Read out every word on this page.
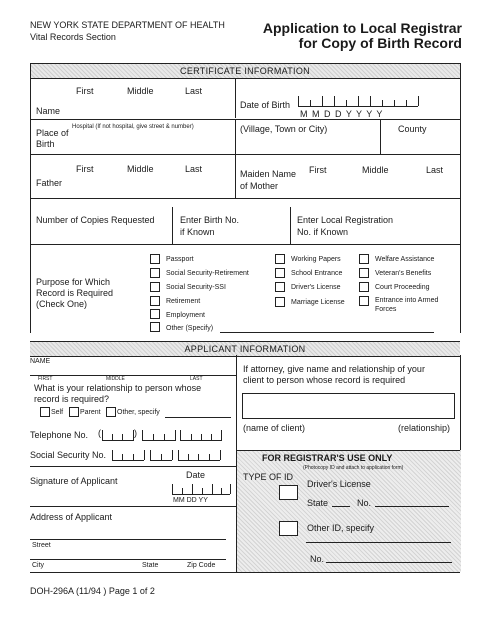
NEW YORK STATE DEPARTMENT OF HEALTH
Vital Records Section
Application to Local Registrar
for Copy of Birth Record
CERTIFICATE INFORMATION
First	Middle	Last
Name
Date of Birth
M M D D Y Y Y Y
Hospital (If not hospital, give street & number)
Place of
Birth
(Village, Town or City)	County
First	Middle	Last
Father
Maiden Name
of Mother
First	Middle	Last
Number of Copies Requested	Enter Birth No.
if Known
Enter Local Registration
No. if Known
Purpose for Which
Record is Required
(Check One)
Passport
Social Security-Retirement
Social Security-SSI
Retirement
Employment
Other (Specify)
Working Papers
School Entrance
Driver's License
Marriage License
Welfare Assistance
Veteran's Benefits
Court Proceeding
Entrance into Armed
Forces
APPLICANT INFORMATION
NAME
FIRST	MIDDLE	LAST
What is your relationship to person whose
record is required?
Self Parent Other, specify
Telephone No. (	)
Social Security No.
Signature of Applicant
Date
MM DD YY
Address of Applicant
Street
City	State	Zip Code
If attorney, give name and relationship of your
client to person whose record is required
(name of client)	(relationship)
FOR REGISTRAR'S USE ONLY
(Photocopy ID and attach to application form)
TYPE OF ID
Driver's License
State	No.
Other ID, specify
No.
DOH-296A (11/94 ) Page 1 of 2
